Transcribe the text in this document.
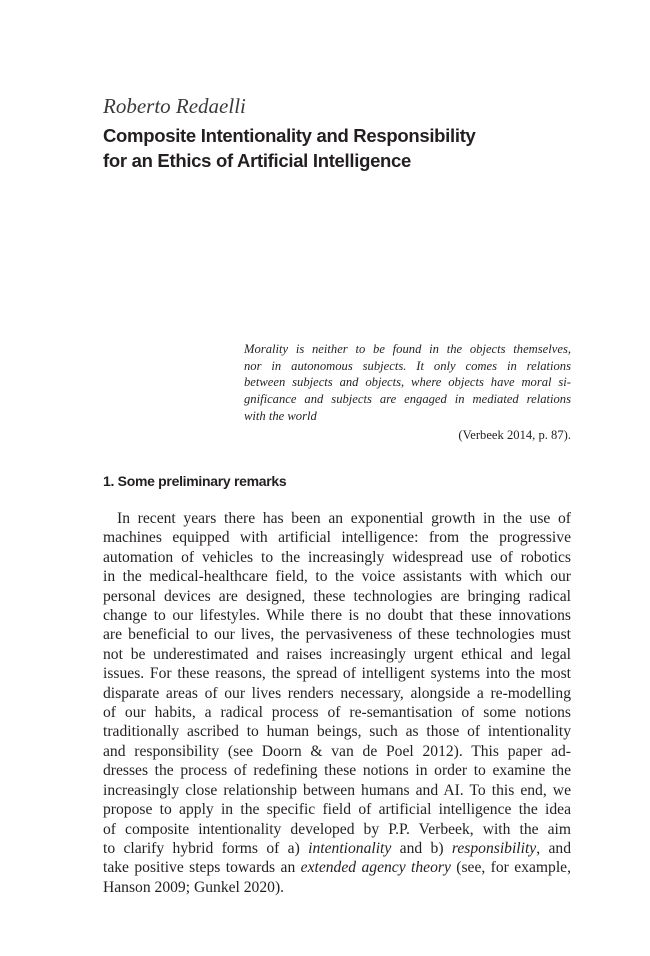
Roberto Redaelli
Composite Intentionality and Responsibility
for an Ethics of Artificial Intelligence

Morality is neither to be found in the objects themselves,
nor in autonomous subjects. It only comes in relations
between subjects and objects, where objects have moral si-
gnificance and subjects are engaged in mediated relations
with the world

(Verbeek 2014, p. 87).

1. Some preliminary remarks
In recent years there has been an exponential growth in the use of
machines equipped with artificial intelligence: from the progressive
automation of vehicles to the increasingly widespread use of robotics
in the medical-healthcare field, to the voice assistants with which our
personal devices are designed, these technologies are bringing radical
change to our lifestyles. While there is no doubt that these innovations
are beneficial to our lives, the pervasiveness of these technologies must
not be underestimated and raises increasingly urgent ethical and legal
issues. For these reasons, the spread of intelligent systems into the most
disparate areas of our lives renders necessary, alongside a re-modelling
of our habits, a radical process of re-semantisation of some notions
traditionally ascribed to human beings, such as those of intentionality
and responsibility (see Doorn & van de Poel 2012). This paper ad-
dresses the process of redefining these notions in order to examine the
increasingly close relationship between humans and AI. To this end, we
propose to apply in the specific field of artificial intelligence the idea
of composite intentionality developed by P.P. Verbeek, with the aim
to clarify hybrid forms of a) intentionality and b) responsibility, and
take positive steps towards an extended agency theory (see, for example,
Hanson 2009; Gunkel 2020).
